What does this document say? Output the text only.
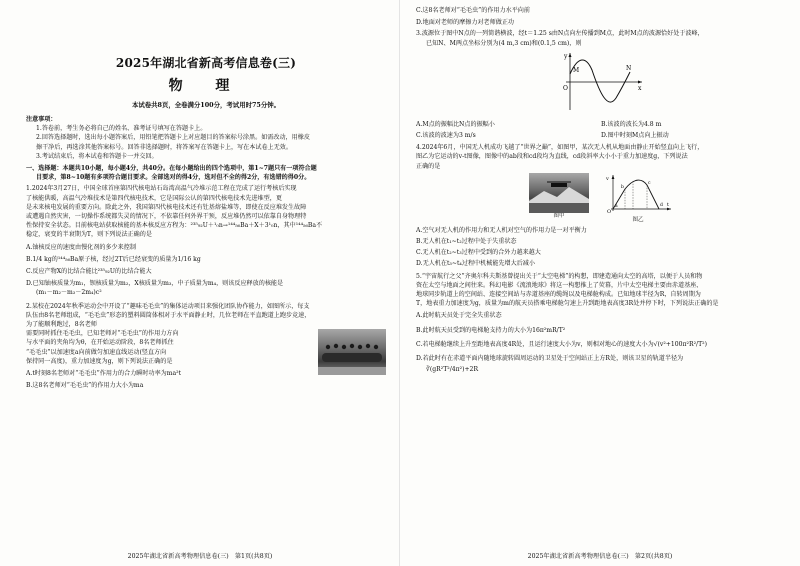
2025年湖北省新高考信息卷(三)
物 理

本试卷共8页，全卷满分100分，考试用时75分钟。

注意事项：

1.答卷前，考生务必将自己的姓名、准考证号填写在答题卡上。

2.回答选择题时，选出每小题答案后，用铅笔把答题卡上对应题目的答案标号涂黑。如需改动，用橡皮

擦干净后，再选涂其他答案标号。回答非选择题时，将答案写在答题卡上，写在本试卷上无效。

3.考试结束后，将本试卷和答题卡一并交回。

一、选择题：本题共10小题，每小题4分，共40分。在每小题给出的四个选项中，第1~7题只有一项符合题

目要求，第8~10题有多项符合题目要求。全部选对的得4分，选对但不全的得2分，有选错的得0分。

1.2024年3月27日，中国全球首座第四代核电站石岛湾高温气冷堆示范工程在完成了运行考核后实现

了核能供暖，高温气冷堆技术是第四代核电技术，它是国际公认的第四代核电技术先进堆型，更

是未来核电发展的重要方向。除此之外，我国第四代核电技术还有钍基熔盐堆等，即使在反应堆发生故障

或遭遇自然灾害，一切操作系统都失灵的情况下，不依靠任何外界干预，反应堆仍然可以依靠自身物理特

性保持安全状态。目前核电站获取核能的基本核反应方程为：²³⁵₉₂U＋¹₀n→¹⁴⁴₅₆Ba＋X＋3¹₀n，其中¹⁴⁴₅₆Ba不

稳定，衰变的半衰期为T，则下列说法正确的是

A.铀核反应的速度由慢化剂的多少来控制

B.1/4 kg的¹⁴⁴₅₆Ba原子核，经过2T后已经衰变的质量为1/16 kg

C.反应产物X的比结合能比²³⁵₉₂U的比结合能大

D.已知铀核质量为m₁，钡核质量为m₂，X核质量为m₃，中子质量为m₄，则该反应释放的核能是

(m₁－m₂－m₃－2m₄)c²

2.某校在2024年秋季运动会中开设了“趣味毛毛虫”的集体运动项目来强化团队协作能力，如图所示，每支

队伍由8名老师组成，“毛毛虫”形态的塑料圆筒体相对于水平面静止时，几位老师在平直跑道上跑步竞速，

为了能顺利跑过，8名老师

需要同时抓住毛毛虫，已知老师对“毛毛虫”的作用力方向

与水平面的夹角均为θ，在开始运动阶段，8名老师抓住

“毛毛虫”以加速度a向前做匀加速直线运动(竖直方向

保持同一高度)，重力加速度为g，则下列说法正确的是

A.t时刻8名老师对“毛毛虫”作用力的合力瞬时功率为ma²t

B.这8名老师对“毛毛虫”的作用力大小为ma

2025年湖北省新高考物理信息卷(三)　第1页(共8页)

C.这8名老师对“毛毛虫”的作用力水平向前

D.地面对老师的摩擦力对老师做正功

3.波源位于图中N点的一列简谐横波，经t＝1.25 s由N点向左传播到M点，此时M点的波源恰好处于波峰，

已知N、M两点坐标分别为(4 m,3 cm)和(0.1,5 cm)，则

y
x
O
M	N
A.M点的振幅比N点的振幅小	B.该波的波长为4.8 m
C.该波的波速为3 m/s	D.图中时刻M点向上振动

4.2024年6月，中国无人机成功飞越了“世界之巅”，如图甲，某次无人机从地面由静止开始竖直向上飞行，

图乙为它运动的v-t图像，图像中的ab段和cd段均为直线，cd段斜率大小小于重力加速度g，下列说法

正确的是

图甲
v
t
O
a
b
c
d
图乙

A.空气对无人机的作用力和无人机对空气的作用力是一对平衡力

B.无人机在t₁~t₂过程中处于失重状态

C.无人机在t₂~t₃过程中受到的合外力越来越大

D.无人机在t₃~t₄过程中机械能先增大后减小

5.“宇宙航行之父”齐奥尔科夫斯基曾提出关于“太空电梯”的构想，即建造通向太空的高塔，以便于人员和物

资在太空与地面之间往来。科幻电影《流浪地球》将这一构想推上了荧幕，片中太空电梯主要由赤道基座、

地球同步轨道上的空间站、连接空间站与赤道基座的缆绳以及电梯舱构成。已知地球半径为R，自转周期为

T，地表重力加速度为g，质量为m的航天员搭乘电梯舱匀速上升到距地表高度3R处并停下时，下列说法正确的是

A.此时航天员处于完全失重状态

B.此时航天员受到的电梯舱支持力的大小为16π²mR/T²

C.若电梯舱继续上升至距地表高度4R处，且运行速度大小为v，则相对地心的速度大小为√(v²+100π²R²/T²)

D.若此时有在赤道平面内随地球旋转圆周运动的卫星处于空间站正上方R处，则该卫星的轨道半径为

∛(gR²T²/4π²)+2R

2025年湖北省新高考物理信息卷(三)　第2页(共8页)
